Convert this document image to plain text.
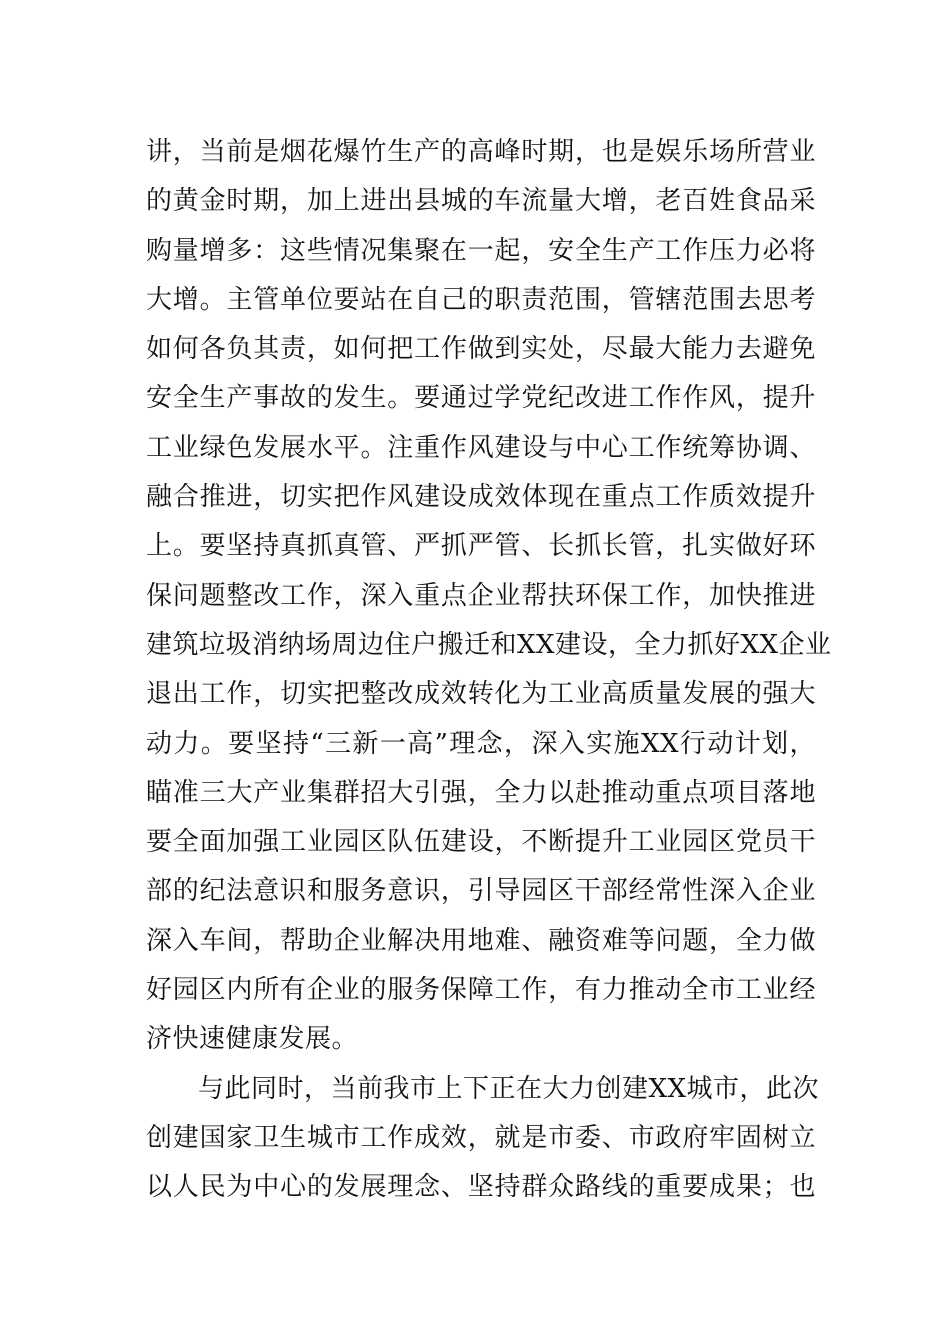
讲，当前是烟花爆竹生产的高峰时期，也是娱乐场所营业
的黄金时期，加上进出县城的车流量大增，老百姓食品采
购量增多：这些情况集聚在一起，安全生产工作压力必将
大增。主管单位要站在自己的职责范围，管辖范围去思考
如何各负其责，如何把工作做到实处，尽最大能力去避免
安全生产事故的发生。要通过学党纪改进工作作风，提升
工业绿色发展水平。注重作风建设与中心工作统筹协调、
融合推进，切实把作风建设成效体现在重点工作质效提升
上。要坚持真抓真管、严抓严管、长抓长管，扎实做好环
保问题整改工作，深入重点企业帮扶环保工作，加快推进
建筑垃圾消纳场周边住户搬迁和XX建设，全力抓好XX企业
退出工作，切实把整改成效转化为工业高质量发展的强大
动力。要坚持“三新一高”理念，深入实施XX行动计划，
瞄准三大产业集群招大引强，全力以赴推动重点项目落地
要全面加强工业园区队伍建设，不断提升工业园区党员干
部的纪法意识和服务意识，引导园区干部经常性深入企业
深入车间，帮助企业解决用地难、融资难等问题，全力做
好园区内所有企业的服务保障工作，有力推动全市工业经
济快速健康发展。
与此同时，当前我市上下正在大力创建XX城市，此次
创建国家卫生城市工作成效，就是市委、市政府牢固树立
以人民为中心的发展理念、坚持群众路线的重要成果；也
